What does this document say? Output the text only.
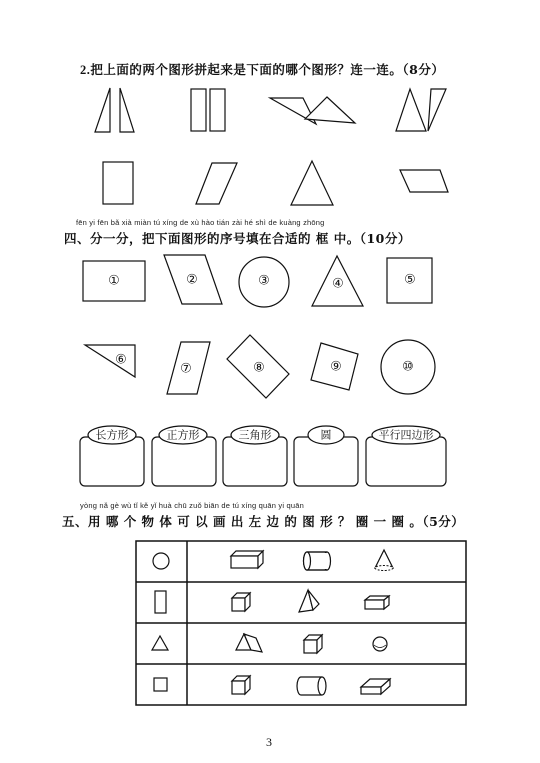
2.把上面的两个图形拼起来是下面的哪个图形？连一连。（8分）
fēn yi fēn bǎ xià miàn tú xíng de xù hào tián zài hé shì de kuàng zhōng
四、分一分，把下面图形的序号填在合适的 框 中。（10分）
①	②	③	④	⑤
⑥
⑦	⑧	⑨	⑩
长方形	正方形	三角形	圆	平行四边形
yòng nǎ gè wù tǐ kě yǐ huà chū zuǒ biān de tú xíng quān yi quān
五、用 哪 个 物 体 可 以 画 出 左 边 的 图 形 ？ 圈 一 圈 。（5分）
3
